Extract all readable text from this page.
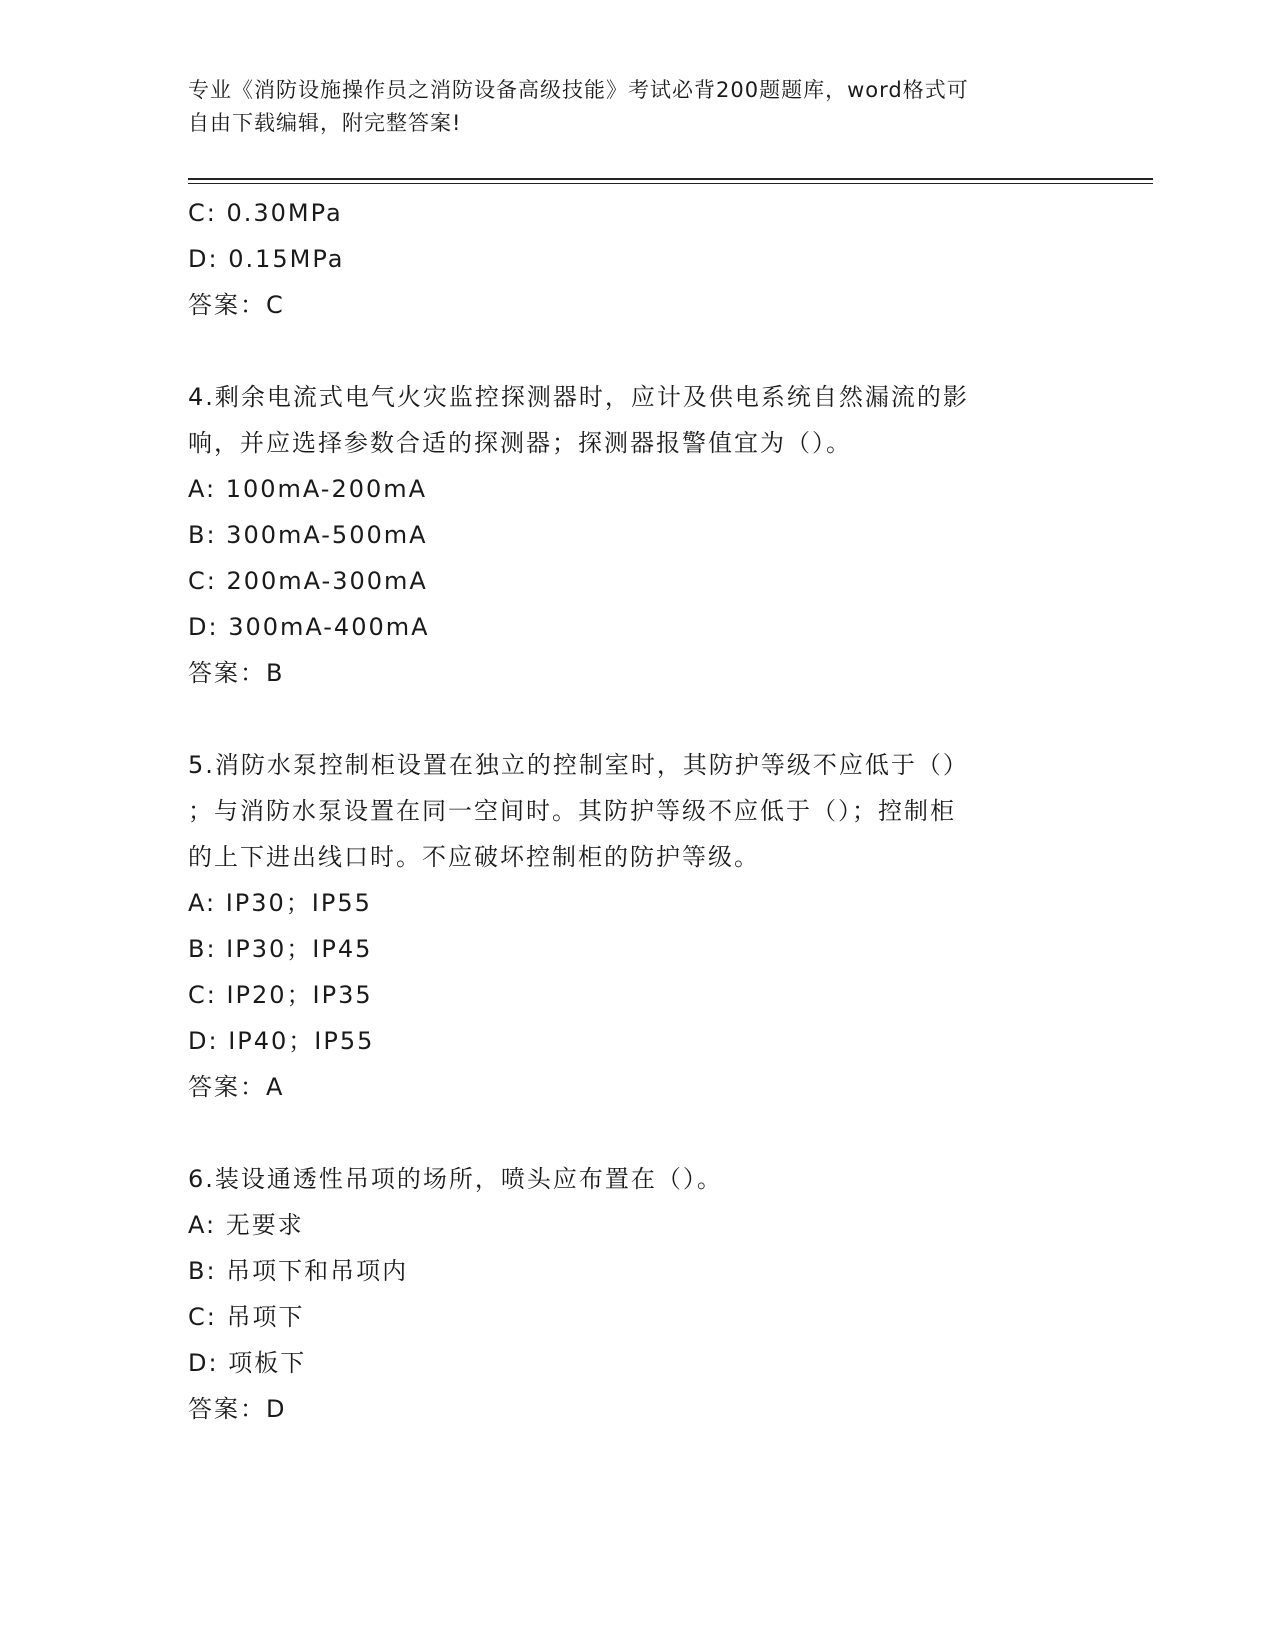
专业《消防设施操作员之消防设备高级技能》考试必背200题题库，word格式可
自由下载编辑，附完整答案!
C: 0.30MPa
D: 0.15MPa
答案：C
4.剩余电流式电气火灾监控探测器时，应计及供电系统自然漏流的影
响，并应选择参数合适的探测器；探测器报警值宜为（）。
A: 100mA-200mA
B: 300mA-500mA
C: 200mA-300mA
D: 300mA-400mA
答案：B
5.消防水泵控制柜设置在独立的控制室时，其防护等级不应低于（）
；与消防水泵设置在同一空间时。其防护等级不应低于（）；控制柜
的上下进出线口时。不应破坏控制柜的防护等级。
A: IP30；IP55
B: IP30；IP45
C: IP20；IP35
D: IP40；IP55
答案：A
6.装设通透性吊项的场所，喷头应布置在（）。
A: 无要求
B: 吊项下和吊项内
C: 吊项下
D: 项板下
答案：D
